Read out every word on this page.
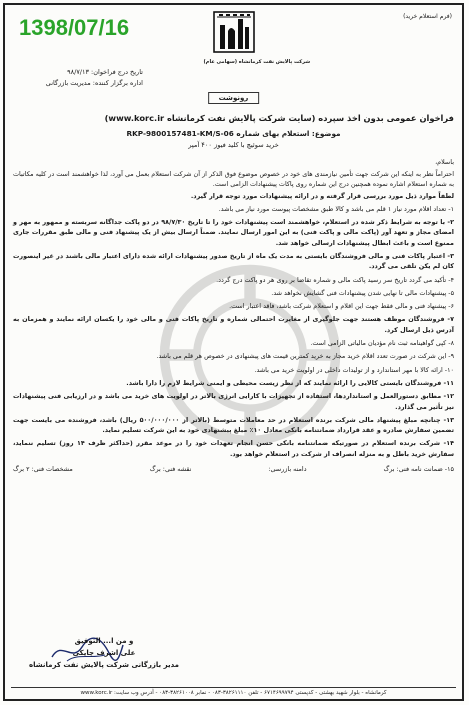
1398/07/16	(فرم استعلام خرید)
شرکت پالایش نفت کرمانشاه (سهامی عام)
تاریخ درج فراخوان: ۹۸/۷/۱۳
اداره برگزار کننده: مدیریت بازرگانی
رونوشت
فراخوان عمومی بدون اخذ سپرده (سایت شرکت پالایش نفت کرمانشاه www.korc.ir)
موضوع: استعلام بهای شماره RKP-9800157481-KM/S-06
خرید سوئیچ با کلید فیوز ۴۰۰ آمپر
باسلام،
احتراماً نظر به اینکه این شرکت جهت تأمین نیازمندی های خود در خصوص موضوع فوق الذکر از آن شرکت استعلام بعمل می آورد، لذا خواهشمند است در کلیه مکاتبات به شماره استعلام اشاره نموده همچنین درج این شماره روی پاکات پیشنهادات الزامی است.
لطفاً موارد ذیل مورد بررسی قرار گرفته و در ارائه پیشنهادات مورد توجه قرار گیرد.
۱- تعداد اقلام مورد نیاز ۱ قلم می باشد و کالا طبق مشخصات پیوست مورد نیاز می باشد.
۲- با توجه به شرایط ذکر شده در استعلام، خواهشمند است پیشنهادات خود را تا تاریخ ۹۸/۷/۳۰ در دو پاکت جداگانه سربسته و ممهور به مهر و امضای مجاز و تعهد آور (پاکت مالی و پاکت فنی) به این امور ارسال نمایند. ضمناً ارسال بیش از یک پیشنهاد فنی و مالی طبق مقررات جاری ممنوع است و باعث ابطال پیشنهادات ارسالی خواهد شد.
۳- اعتبار پاکات فنی و مالی فروشندگان بایستی به مدت یک ماه از تاریخ صدور پیشنهادات ارائه شده دارای اعتبار مالی باشند در غیر اینصورت کان لم یکن تلقی می گردد.
۴- تأکید می گردد تاریخ سر رسید پاکت مالی و شماره تقاضا بر روی هر دو پاکت درج گردد.
۵- پیشنهادات مالی تا نهایی شدن پیشنهادات فنی گشایش نخواهد شد.
۶- پیشنهاد فنی و مالی فقط جهت این اقلام و استعلام شرکت باشد، فاقد اعتبار است.
۷- فروشندگان موظف هستند جهت جلوگیری از مغایرت احتمالی شماره و تاریخ پاکات فنی و مالی خود را یکسان ارائه نمایند و همزمان به آدرس ذیل ارسال کرد.
۸- کپی گواهینامه ثبت نام مؤدیان مالیاتی الزامی است.
۹- این شرکت در صورت تعدد اقلام خرید مجاز به خرید کمترین قیمت های پیشنهادی در خصوص هر قلم می باشد.
۱۰- ارائه کالا با مهر استاندارد و از تولیدات داخلی در اولویت خرید می باشد.
۱۱- فروشندگان بایستی کالایی را ارائه نمایند که از نظر زیست محیطی و ایمنی شرایط لازم را دارا باشد.
۱۲- مطابق دستورالعمل و استانداردها، استفاده از تجهیزات با کارایی انرژی بالاتر در اولویت های خرید می باشد و در ارزیابی فنی پیشنهادات نیز تأثیر می گذارد.
۱۳- چنانچه مبلغ پیشنهاد مالی شرکت برنده استعلام در حد معاملات متوسط (بالاتر از ۵۰۰/۰۰۰/۰۰۰ ریال) باشد، فروشنده می بایست جهت تضمین سفارش صادره و عقد قرارداد ضمانتنامه بانکی معادل ۱۰٪ مبلغ پیشنهادی خود به این شرکت تسلیم نماید.
۱۴- شرکت برنده استعلام در صورتیکه ضمانتنامه بانکی حسن انجام تعهدات خود را در موعد مقرر (حداکثر ظرف ۱۴ روز) تسلیم ننماید، سفارش خرید باطل و به منزله انصراف از شرکت در استعلام خواهد بود.
۱۵- ضمانت نامه فنی: برگ
دامنه بازرسی:
نقشه فنی: برگ
مشخصات فنی: ۲ برگ
و من ا... التوفیق
علی اشرف چایکی
مدیر بازرگانی شرکت پالایش نفت کرمانشاه
کرمانشاه - بلوار شهید بهشتی - کدپستی ۶۷۱۴۶۹۹۷۹۴ - تلفن ۳۸۲۶۱۱۱۰-۰۸۳ - نمابر ۳۸۲۶۱۰۰۸-۰۸۳ - آدرس وب سایت: www.korc.ir
